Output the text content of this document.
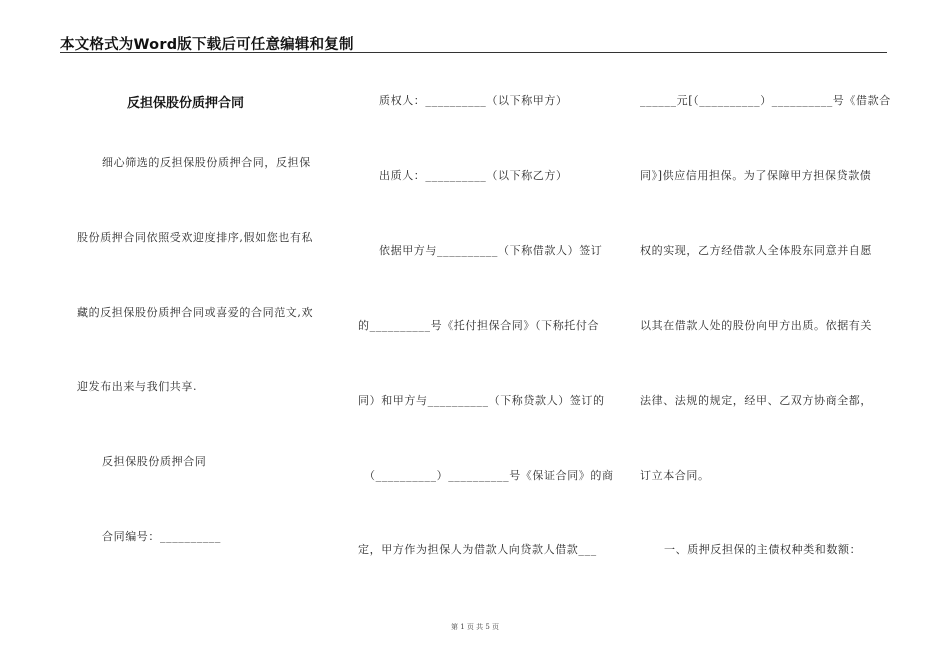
本文格式为Word版下载后可任意编辑和复制
反担保股份质押合同
细心筛选的反担保股份质押合同，反担保
股份质押合同依照受欢迎度排序,假如您也有私
藏的反担保股份质押合同或喜爱的合同范文,欢
迎发布出来与我们共享.
反担保股份质押合同
合同编号：__________
质权人：__________（以下称甲方）
出质人：__________（以下称乙方）
依据甲方与__________（下称借款人）签订
的__________号《托付担保合同》（下称托付合
同）和甲方与__________（下称贷款人）签订的
（__________）__________号《保证合同》的商
定，甲方作为担保人为借款人向贷款人借款___
______元[（__________）__________号《借款合
同》]供应信用担保。为了保障甲方担保贷款债
权的实现，乙方经借款人全体股东同意并自愿
以其在借款人处的股份向甲方出质。依据有关
法律、法规的规定，经甲、乙双方协商全都，
订立本合同。
一、质押反担保的主债权种类和数额：
第 1 页 共 5 页
